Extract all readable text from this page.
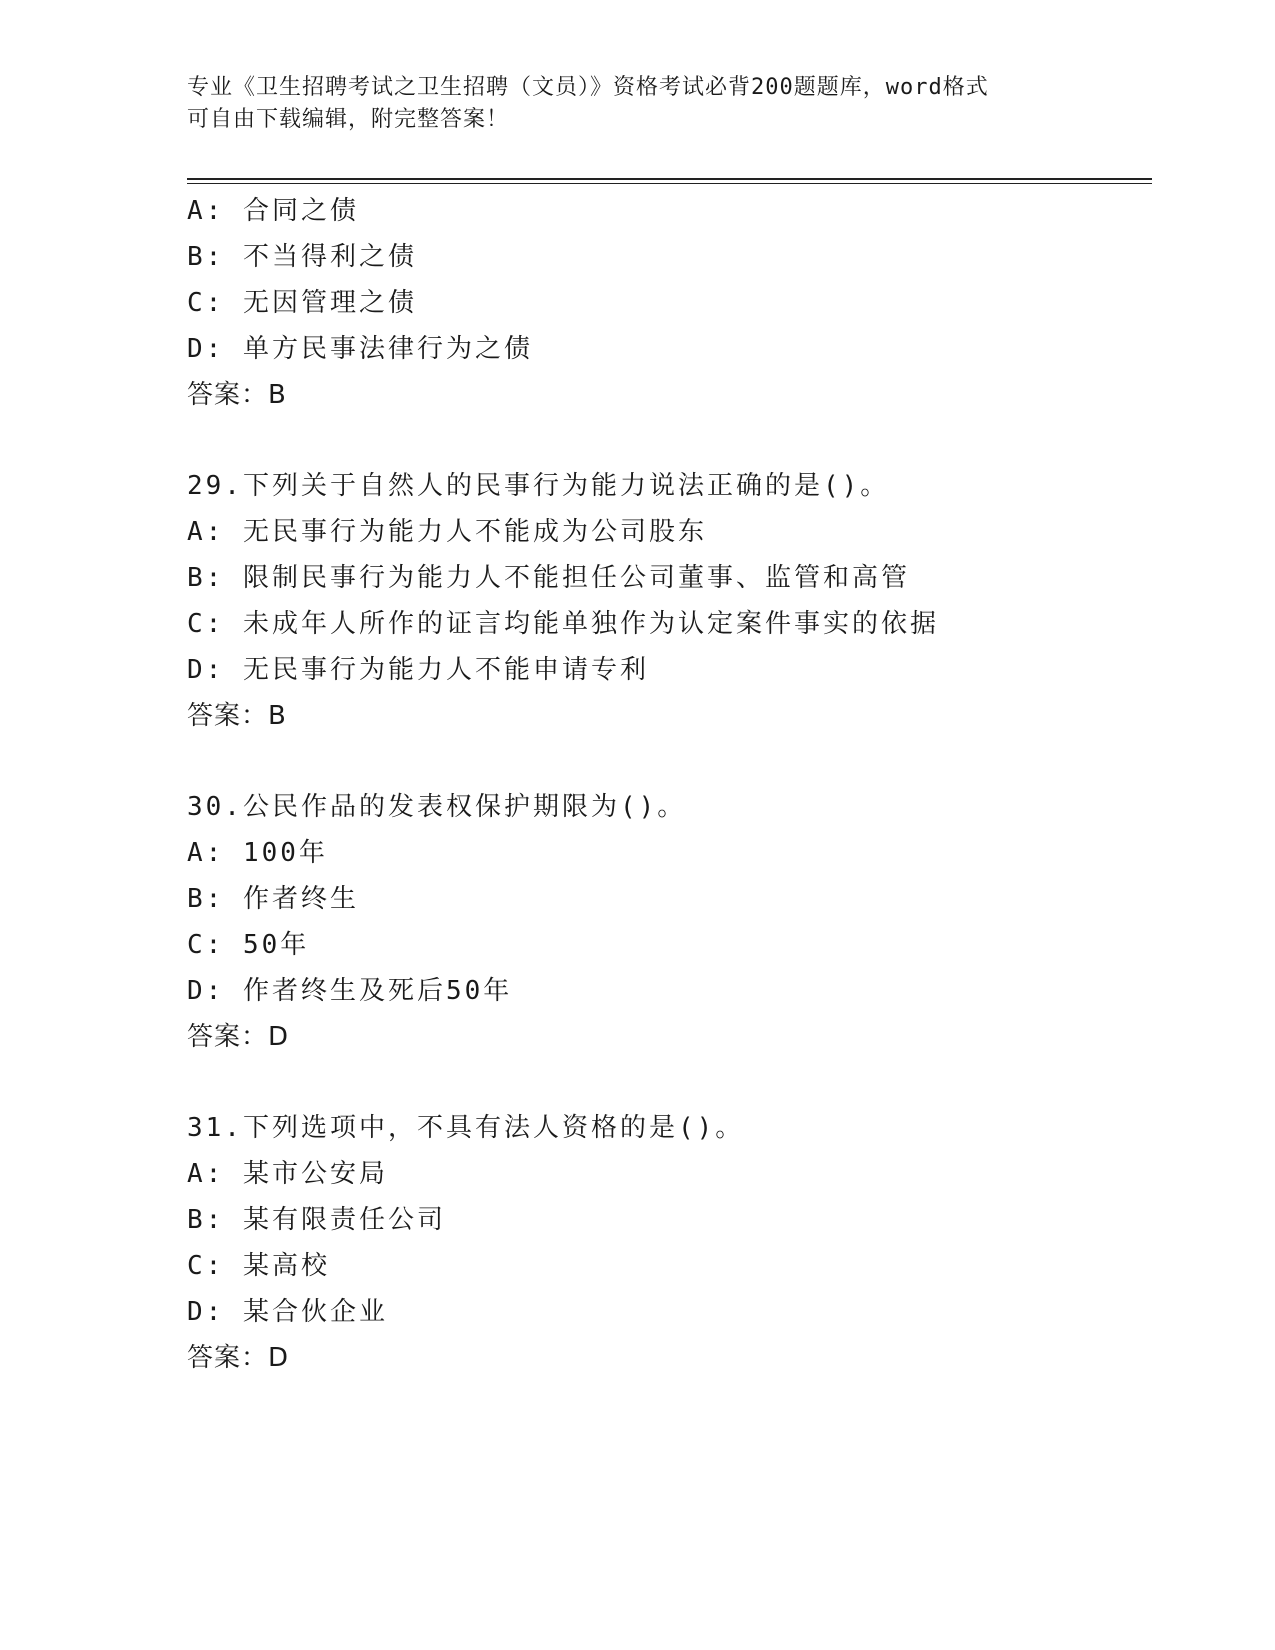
专业《卫生招聘考试之卫生招聘（文员）》资格考试必背200题题库，word格式
可自由下载编辑，附完整答案！
A: 合同之债
B: 不当得利之债
C: 无因管理之债
D: 单方民事法律行为之债
答案：B
29.下列关于自然人的民事行为能力说法正确的是()。
A: 无民事行为能力人不能成为公司股东
B: 限制民事行为能力人不能担任公司董事、监管和高管
C: 未成年人所作的证言均能单独作为认定案件事实的依据
D: 无民事行为能力人不能申请专利
答案：B
30.公民作品的发表权保护期限为()。
A: 100年
B: 作者终生
C: 50年
D: 作者终生及死后50年
答案：D
31.下列选项中，不具有法人资格的是()。
A: 某市公安局
B: 某有限责任公司
C: 某高校
D: 某合伙企业
答案：D
